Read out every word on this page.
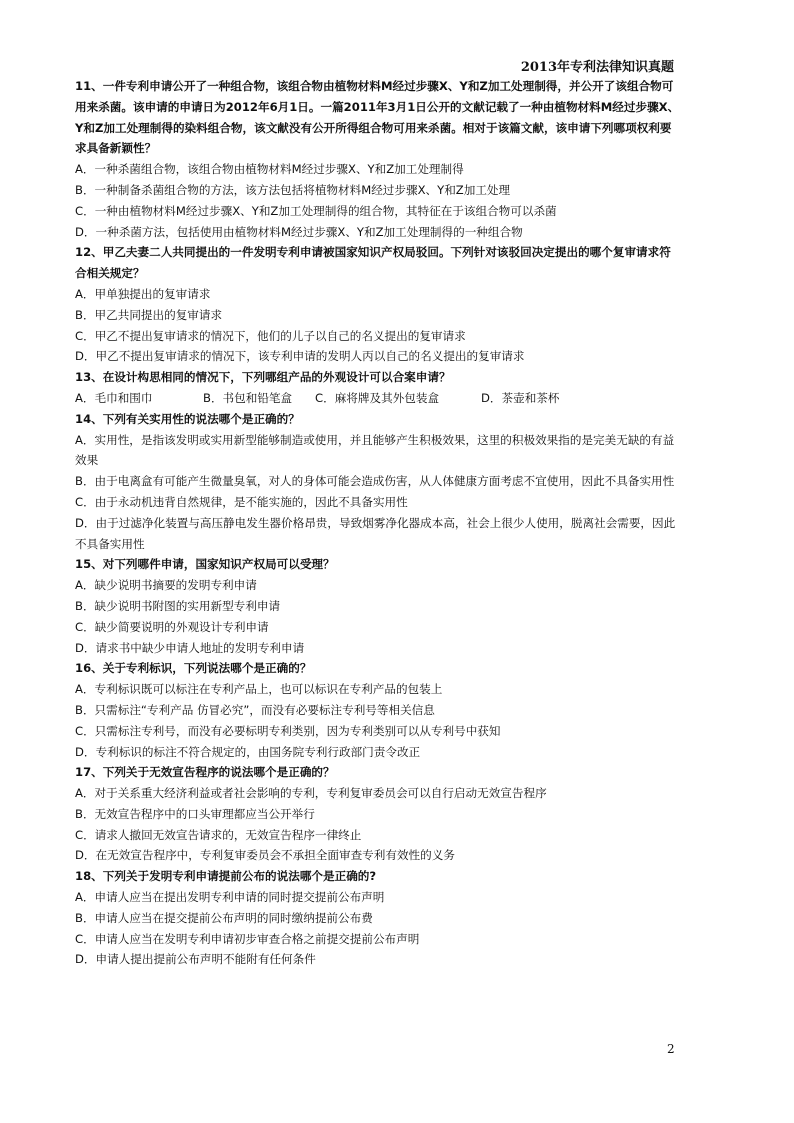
2013年专利法律知识真题

11、一件专利申请公开了一种组合物，该组合物由植物材料M经过步骤X、Y和Z加工处理制得，并公开了该组合物可用来杀菌。该申请的申请日为2012年6月1日。一篇2011年3月1日公开的文献记载了一种由植物材料M经过步骤X、Y和Z加工处理制得的染料组合物，该文献没有公开所得组合物可用来杀菌。相对于该篇文献，该申请下列哪项权利要求具备新颖性？

A．一种杀菌组合物，该组合物由植物材料M经过步骤X、Y和Z加工处理制得

B．一种制备杀菌组合物的方法，该方法包括将植物材料M经过步骤X、Y和Z加工处理

C．一种由植物材料M经过步骤X、Y和Z加工处理制得的组合物，其特征在于该组合物可以杀菌

D．一种杀菌方法，包括使用由植物材料M经过步骤X、Y和Z加工处理制得的一种组合物

12、甲乙夫妻二人共同提出的一件发明专利申请被国家知识产权局驳回。下列针对该驳回决定提出的哪个复审请求符合相关规定？

A．甲单独提出的复审请求

B．甲乙共同提出的复审请求

C．甲乙不提出复审请求的情况下，他们的儿子以自己的名义提出的复审请求

D．甲乙不提出复审请求的情况下，该专利申请的发明人丙以自己的名义提出的复审请求

13、在设计构思相同的情况下，下列哪组产品的外观设计可以合案申请？

A．毛巾和围巾	B．书包和铅笔盒	C．麻将牌及其外包装盒	D．茶壶和茶杯

14、下列有关实用性的说法哪个是正确的？

A．实用性，是指该发明或实用新型能够制造或使用，并且能够产生积极效果，这里的积极效果指的是完美无缺的有益效果

B．由于电离盒有可能产生微量臭氧，对人的身体可能会造成伤害，从人体健康方面考虑不宜使用，因此不具备实用性

C．由于永动机违背自然规律，是不能实施的，因此不具备实用性

D．由于过滤净化装置与高压静电发生器价格昂贵，导致烟雾净化器成本高，社会上很少人使用，脱离社会需要，因此不具备实用性

15、对下列哪件申请，国家知识产权局可以受理？

A．缺少说明书摘要的发明专利申请

B．缺少说明书附图的实用新型专利申请

C．缺少简要说明的外观设计专利申请

D．请求书中缺少申请人地址的发明专利申请

16、关于专利标识，下列说法哪个是正确的？

A．专利标识既可以标注在专利产品上，也可以标识在专利产品的包装上

B．只需标注“专利产品 仿冒必究”，而没有必要标注专利号等相关信息

C．只需标注专利号，而没有必要标明专利类别，因为专利类别可以从专利号中获知

D．专利标识的标注不符合规定的，由国务院专利行政部门责令改正

17、下列关于无效宣告程序的说法哪个是正确的？

A．对于关系重大经济利益或者社会影响的专利，专利复审委员会可以自行启动无效宣告程序

B．无效宣告程序中的口头审理都应当公开举行

C．请求人撤回无效宣告请求的，无效宣告程序一律终止

D．在无效宣告程序中，专利复审委员会不承担全面审查专利有效性的义务

18、下列关于发明专利申请提前公布的说法哪个是正确的?

A．申请人应当在提出发明专利申请的同时提交提前公布声明

B．申请人应当在提交提前公布声明的同时缴纳提前公布费

C．申请人应当在发明专利申请初步审查合格之前提交提前公布声明

D．申请人提出提前公布声明不能附有任何条件

2
